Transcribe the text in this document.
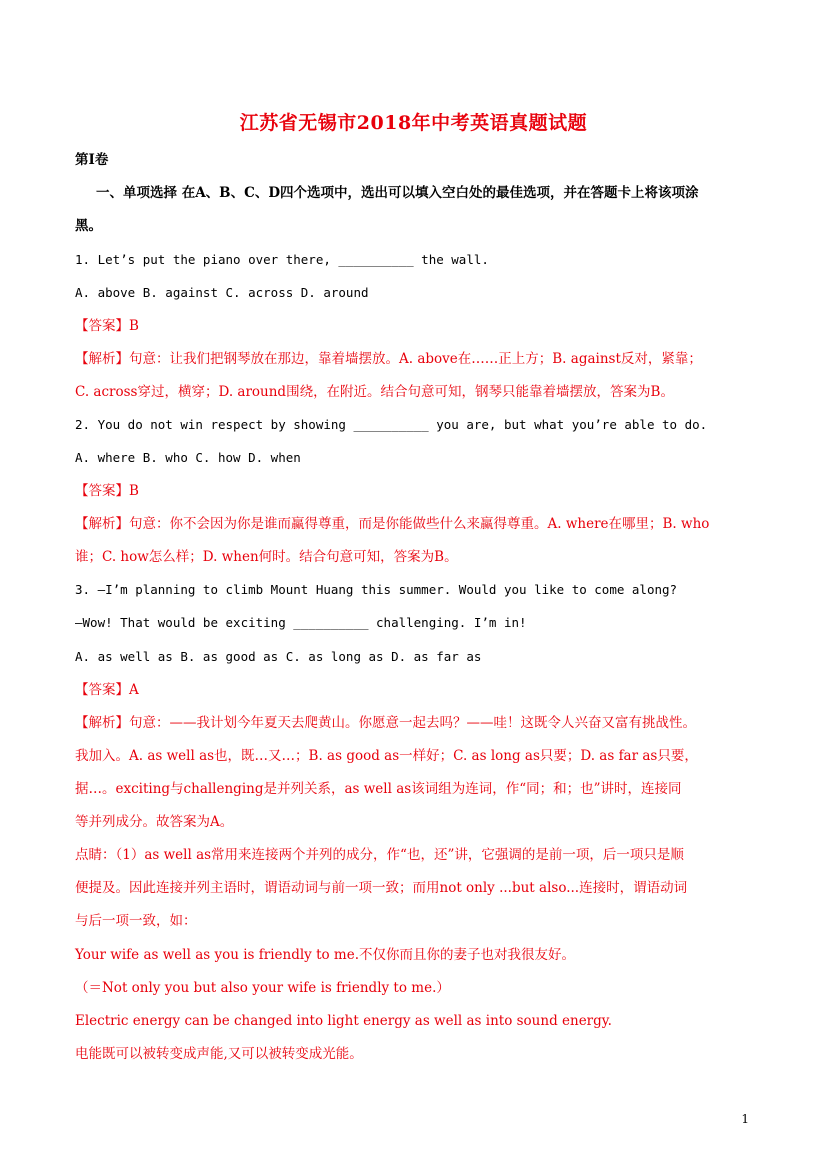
江苏省无锡市2018年中考英语真题试题
第Ⅰ卷
一、单项选择 在A、B、C、D四个选项中，选出可以填入空白处的最佳选项，并在答题卡上将该项涂
黑。
1. Let’s put the piano over there, __________ the wall.
A. above B. against C. across D. around
【答案】B
【解析】句意：让我们把钢琴放在那边，靠着墙摆放。A. above在……正上方；B. against反对，紧靠；
C. across穿过，横穿；D. around围绕，在附近。结合句意可知，钢琴只能靠着墙摆放，答案为B。
2. You do not win respect by showing __________ you are, but what you’re able to do.
A. where B. who C. how D. when
【答案】B
【解析】句意：你不会因为你是谁而赢得尊重，而是你能做些什么来赢得尊重。A. where在哪里；B. who
谁；C. how怎么样；D. when何时。结合句意可知，答案为B。
3. —I’m planning to climb Mount Huang this summer. Would you like to come along?
—Wow! That would be exciting __________ challenging. I’m in!
A. as well as B. as good as C. as long as D. as far as
【答案】A
【解析】句意：——我计划今年夏天去爬黄山。你愿意一起去吗？——哇！这既令人兴奋又富有挑战性。
我加入。A. as well as也，既…又…；B. as good as一样好；C. as long as只要；D. as far as只要，
据…。exciting与challenging是并列关系，as well as该词组为连词，作“同；和；也”讲时，连接同
等并列成分。故答案为A。
点睛：（1）as well as常用来连接两个并列的成分，作“也，还”讲，它强调的是前一项，后一项只是顺
便提及。因此连接并列主语时，谓语动词与前一项一致；而用not only ...but also...连接时，谓语动词
与后一项一致，如：
Your wife as well as you is friendly to me.不仅你而且你的妻子也对我很友好。
（＝Not only you but also your wife is friendly to me.）
Electric energy can be changed into light energy as well as into sound energy.
电能既可以被转变成声能,又可以被转变成光能。
1
